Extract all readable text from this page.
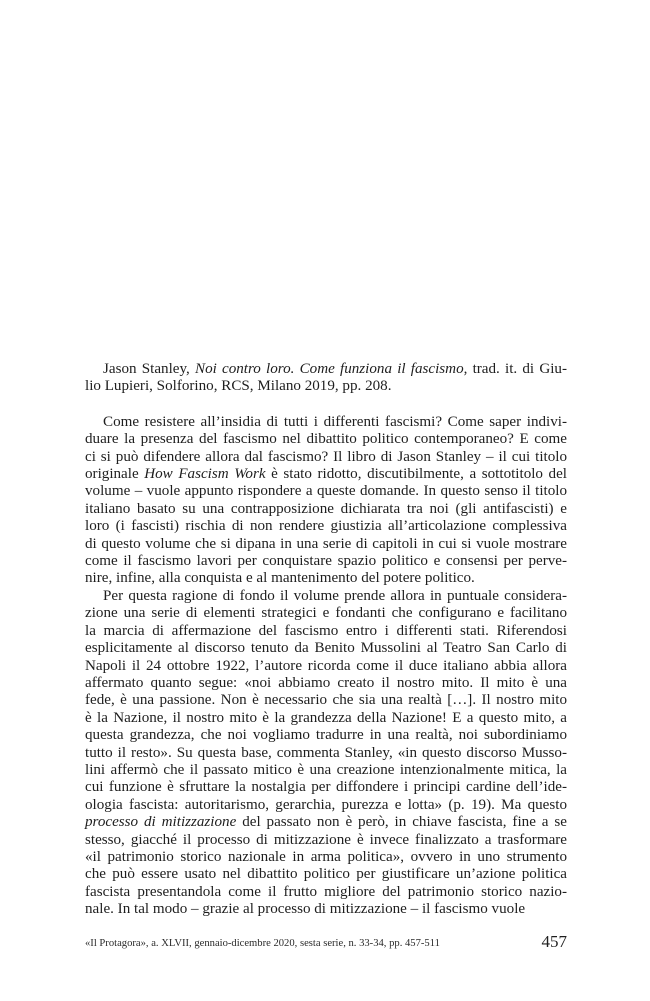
Jason Stanley, Noi contro loro. Come funziona il fascismo, trad. it. di Giu-
lio Lupieri, Solforino, RCS, Milano 2019, pp. 208.
Come resistere all’insidia di tutti i differenti fascismi? Come saper indivi-
duare la presenza del fascismo nel dibattito politico contemporaneo? E come
ci si può difendere allora dal fascismo? Il libro di Jason Stanley – il cui titolo
originale How Fascism Work è stato ridotto, discutibilmente, a sottotitolo del
volume – vuole appunto rispondere a queste domande. In questo senso il titolo
italiano basato su una contrapposizione dichiarata tra noi (gli antifascisti) e
loro (i fascisti) rischia di non rendere giustizia all’articolazione complessiva
di questo volume che si dipana in una serie di capitoli in cui si vuole mostrare
come il fascismo lavori per conquistare spazio politico e consensi per perve-
nire, infine, alla conquista e al mantenimento del potere politico.
Per questa ragione di fondo il volume prende allora in puntuale considera-
zione una serie di elementi strategici e fondanti che configurano e facilitano
la marcia di affermazione del fascismo entro i differenti stati. Riferendosi
esplicitamente al discorso tenuto da Benito Mussolini al Teatro San Carlo di
Napoli il 24 ottobre 1922, l’autore ricorda come il duce italiano abbia allora
affermato quanto segue: «noi abbiamo creato il nostro mito. Il mito è una
fede, è una passione. Non è necessario che sia una realtà […]. Il nostro mito
è la Nazione, il nostro mito è la grandezza della Nazione! E a questo mito, a
questa grandezza, che noi vogliamo tradurre in una realtà, noi subordiniamo
tutto il resto». Su questa base, commenta Stanley, «in questo discorso Musso-
lini affermò che il passato mitico è una creazione intenzionalmente mitica, la
cui funzione è sfruttare la nostalgia per diffondere i principi cardine dell’ide-
ologia fascista: autoritarismo, gerarchia, purezza e lotta» (p. 19). Ma questo
processo di mitizzazione del passato non è però, in chiave fascista, fine a se
stesso, giacché il processo di mitizzazione è invece finalizzato a trasformare
«il patrimonio storico nazionale in arma politica», ovvero in uno strumento
che può essere usato nel dibattito politico per giustificare un’azione politica
fascista presentandola come il frutto migliore del patrimonio storico nazio-
nale. In tal modo – grazie al processo di mitizzazione – il fascismo vuole
«Il Protagora», a. XLVII, gennaio-dicembre 2020, sesta serie, n. 33-34, pp. 457-511	457
